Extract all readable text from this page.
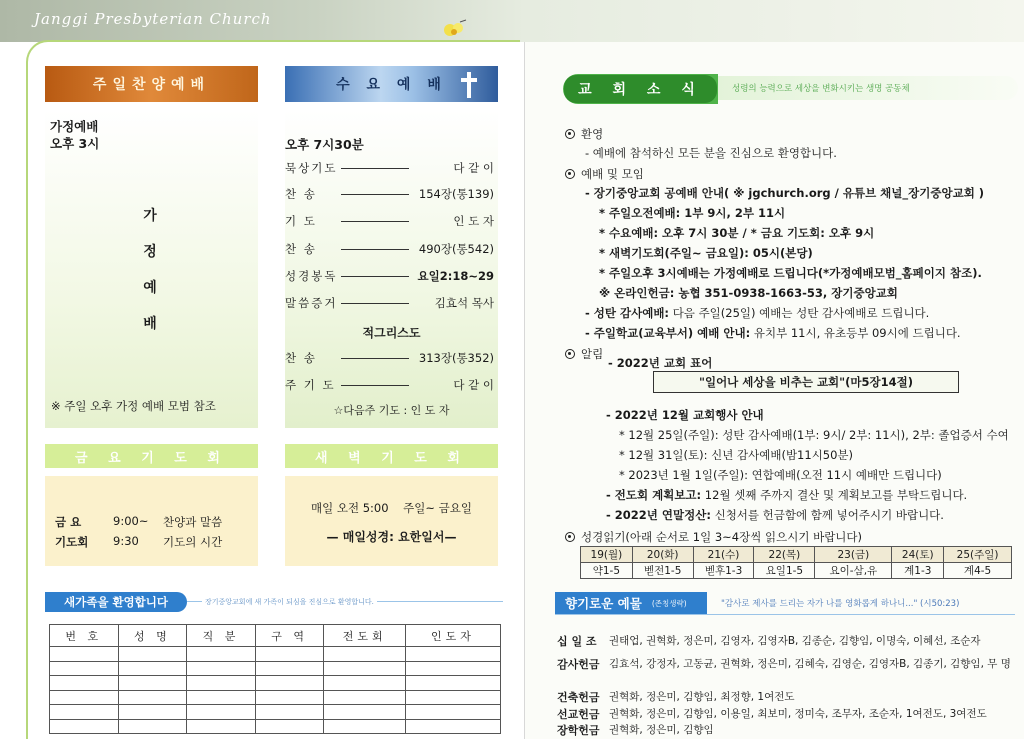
Janggi Presbyterian Church
주일찬양예배	수 요 예 배
가정예배
오후 3시
가
정
예
배
※ 주일 오후 가정 예배 모범 참조
오후 7시30분
묵상기도	다 같 이
찬 송	154장(통139)
기 도	인 도 자
찬 송	490장(통542)
성경봉독	요일2:18~29
말씀증거	김효석 목사
적그리스도
찬 송	313장(통352)
주 기 도	다 같 이
☆다음주 기도 : 인 도 자
금 요 기 도 회	새 벽 기 도 회
금 요	9:00~	찬양과 말씀
기도회	9:30	기도의 시간
매일 오전 5:00    주일~ 금요일
— 매일성경: 요한일서—
새가족을 환영합니다	장기중앙교회에 새 가족이 되심을 진심으로 환영합니다.
번 호	성 명	직 분	구 역	전도회	인도자

교 회 소 식	성령의 능력으로 세상을 변화시키는 생명 공동체
환영
- 예배에 참석하신 모든 분을 진심으로 환영합니다.
예배 및 모임
- 장기중앙교회 공예배 안내( ※ jgchurch.org / 유튜브 채널_장기중앙교회 )
* 주일오전예배: 1부 9시, 2부 11시
* 수요예배: 오후 7시 30분 / * 금요 기도회: 오후 9시
* 새벽기도회(주일~ 금요일): 05시(본당)
* 주일오후 3시예배는 가정예배로 드립니다(*가정예배모범_홈페이지 참조).
※ 온라인헌금: 농협 351-0938-1663-53, 장기중앙교회
- 성탄 감사예배: 다음 주일(25일) 예배는 성탄 감사예배로 드립니다.
- 주일학교(교육부서) 예배 안내: 유치부 11시, 유초등부 09시에 드립니다.
알림
- 2022년 교회 표어
"일어나 세상을 비추는 교회"(마5장14절)
- 2022년 12월 교회행사 안내
* 12월 25일(주일): 성탄 감사예배(1부: 9시/ 2부: 11시), 2부: 졸업증서 수여
* 12월 31일(토): 신년 감사예배(밤11시50분)
* 2023년 1월 1일(주일): 연합예배(오전 11시 예배만 드립니다)
- 전도회 계획보고: 12월 셋째 주까지 결산 및 계획보고를 부탁드립니다.
- 2022년 연말정산: 신청서를 헌금함에 함께 넣어주시기 바랍니다.
성경읽기(아래 순서로 1일 3~4장씩 읽으시기 바랍니다)
19(월)	20(화)	21(수)	22(목)	23(금)	24(토)	25(주일)
약1-5	벧전1-5	벧후1-3	요일1-5	요이-삼,유	계1-3	계4-5
향기로운 예물 (존칭생략)	"감사로 제사를 드리는 자가 나를 영화롭게 하나니..." (시50:23)
십 일 조	권태업, 권혁화, 정은미, 김영자, 김영자B, 김종순, 김향임, 이명숙, 이혜선, 조순자
감사헌금 김효석, 강정자, 고동균, 권혁화, 정은미, 김혜숙, 김영순, 김영자B, 김종기, 김향임, 무 명
건축헌금 권혁화, 정은미, 김향임, 최정향, 1여전도
선교헌금 권혁화, 정은미, 김향임, 이용일, 최보미, 정미숙, 조무자, 조순자, 1여전도, 3여전도
장학헌금 권혁화, 정은미, 김향임
